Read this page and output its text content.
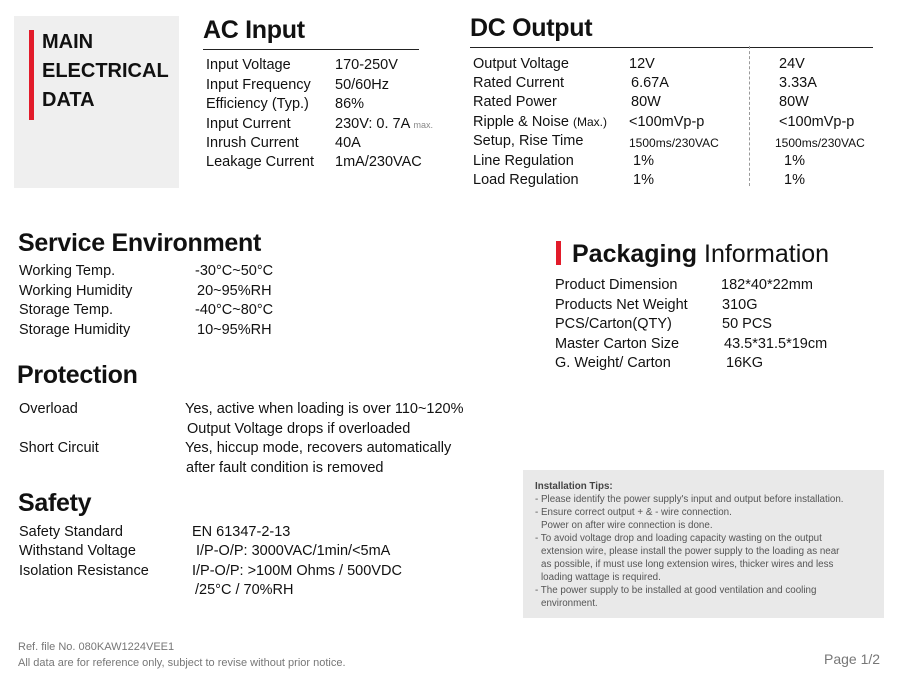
MAIN
ELECTRICAL
DATA
AC Input
Input Voltage	170-250V
Input Frequency 50/60Hz
Efficiency (Typ.) 86%
Input Current	230V: 0. 7A max.
Inrush Current	40A
Leakage Current 1mA/230VAC
DC Output
Output Voltage	12V	24V
Rated Current	6.67A	3.33A
Rated Power	80W	80W
Ripple & Noise (Max.) <100mVp-p	<100mVp-p
Setup, Rise Time	1500ms/230VAC	1500ms/230VAC
Line Regulation	1%	1%
Load Regulation	1%	1%
Service Environment
Working Temp.	-30°C~50°C
Working Humidity	20~95%RH
Storage Temp.	-40°C~80°C
Storage Humidity	10~95%RH
Packaging Information
Product Dimension	182*40*22mm
Products Net Weight 310G
PCS/Carton(QTY)	50 PCS
Master Carton Size	43.5*31.5*19cm
G. Weight/ Carton	16KG
Protection
Overload	Yes, active when loading is over 110~120%
Output Voltage drops if overloaded
Short Circuit	Yes, hiccup mode, recovers automatically
after fault condition is removed
Safety
Safety Standard	EN 61347-2-13
Withstand Voltage	I/P-O/P: 3000VAC/1min/<5mA
Isolation Resistance	I/P-O/P: >100M Ohms / 500VDC
/25°C / 70%RH
Installation Tips:
- Please identify the power supply's input and output before installation.
- Ensure correct output + & - wire connection.
Power on after wire connection is done.
- To avoid voltage drop and loading capacity wasting on the output
extension wire, please install the power supply to the loading as near
as possible, if must use long extension wires, thicker wires and less
loading wattage is required.
- The power supply to be installed at good ventilation and cooling
environment.
Ref. file No. 080KAW1224VEE1
All data are for reference only, subject to revise without prior notice.	Page 1/2
